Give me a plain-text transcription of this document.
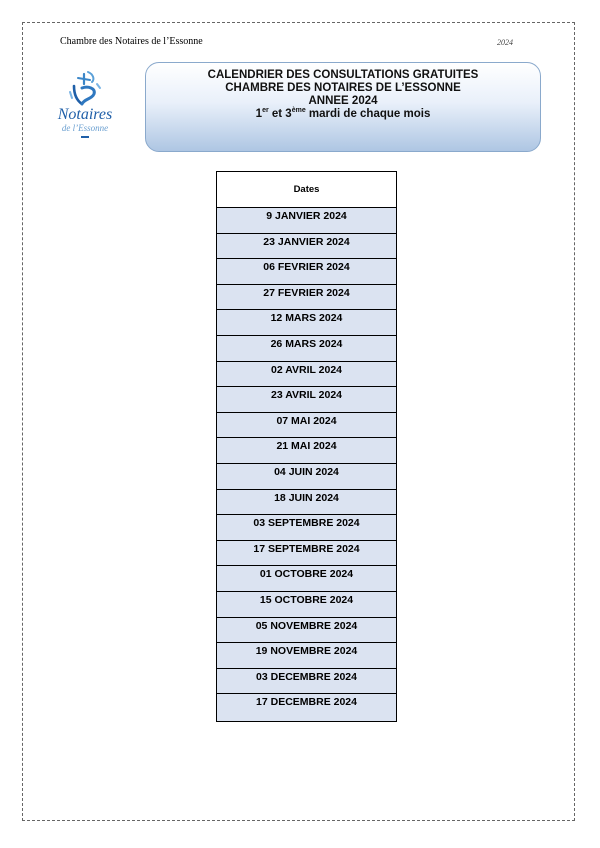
Chambre des Notaires de l’Essonne	2024
Notaires
de l’Essonne
CALENDRIER DES CONSULTATIONS GRATUITES
CHAMBRE DES NOTAIRES DE L’ESSONNE
ANNEE 2024
1er et 3ème mardi de chaque mois
Dates
9 JANVIER 2024
23 JANVIER 2024
06 FEVRIER 2024
27 FEVRIER 2024
12 MARS 2024
26 MARS 2024
02 AVRIL 2024
23 AVRIL 2024
07 MAI 2024
21 MAI 2024
04 JUIN 2024
18 JUIN 2024
03 SEPTEMBRE 2024
17 SEPTEMBRE 2024
01 OCTOBRE 2024
15 OCTOBRE 2024
05 NOVEMBRE 2024
19 NOVEMBRE 2024
03 DECEMBRE 2024
17 DECEMBRE 2024
